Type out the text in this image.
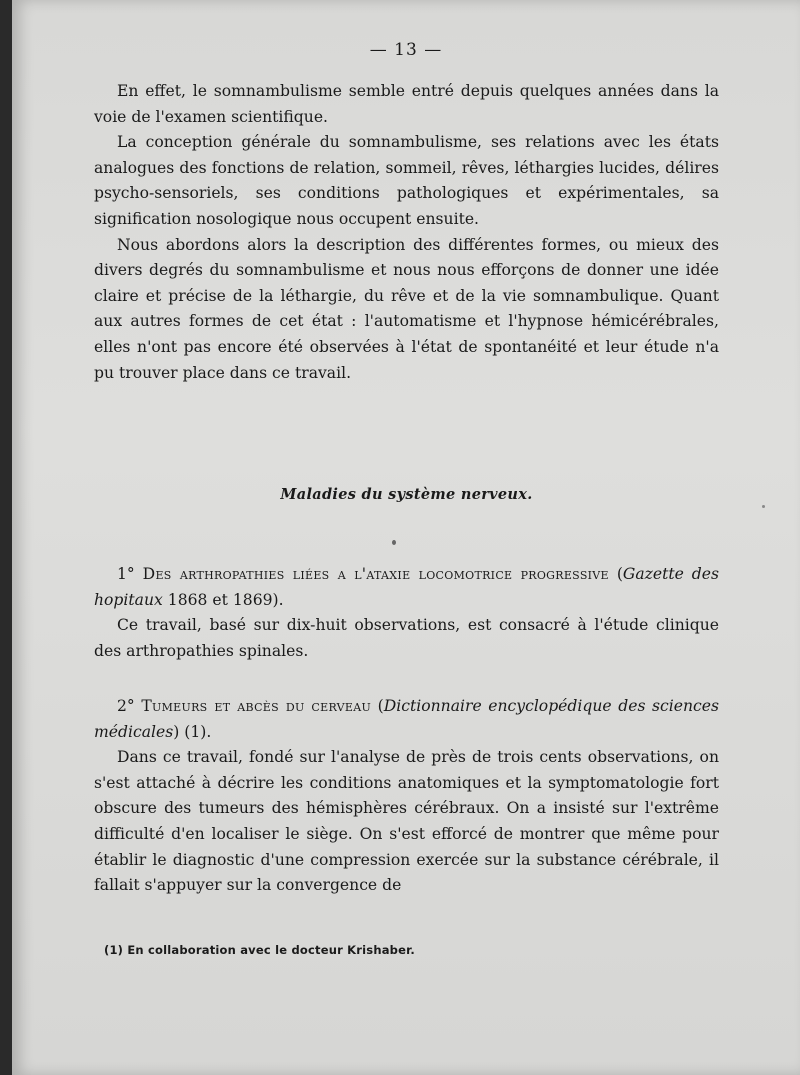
— 13 —

En effet, le somnambulisme semble entré depuis quelques années dans la voie de l'examen scientifique.

La conception générale du somnambulisme, ses relations avec les états analogues des fonctions de relation, sommeil, rêves, léthargies lucides, délires psycho-sensoriels, ses conditions pathologiques et expérimentales, sa signification nosologique nous occupent ensuite.

Nous abordons alors la description des différentes formes, ou mieux des divers degrés du somnambulisme et nous nous efforçons de donner une idée claire et précise de la léthargie, du rêve et de la vie somnambulique. Quant aux autres formes de cet état : l'automatisme et l'hypnose hémicérébrales, elles n'ont pas encore été observées à l'état de spontanéité et leur étude n'a pu trouver place dans ce travail.

Maladies du système nerveux.

1° Des arthropathies liées a l'ataxie locomotrice progressive (Gazette des hopitaux 1868 et 1869).

Ce travail, basé sur dix-huit observations, est consacré à l'étude clinique des arthropathies spinales.

2° Tumeurs et abcès du cerveau (Dictionnaire encyclopédique des sciences médicales) (1).

Dans ce travail, fondé sur l'analyse de près de trois cents observations, on s'est attaché à décrire les conditions anatomiques et la symptomatologie fort obscure des tumeurs des hémisphères cérébraux. On a insisté sur l'extrême difficulté d'en localiser le siège. On s'est efforcé de montrer que même pour établir le diagnostic d'une compression exercée sur la substance cérébrale, il fallait s'appuyer sur la convergence de

(1) En collaboration avec le docteur Krishaber.
